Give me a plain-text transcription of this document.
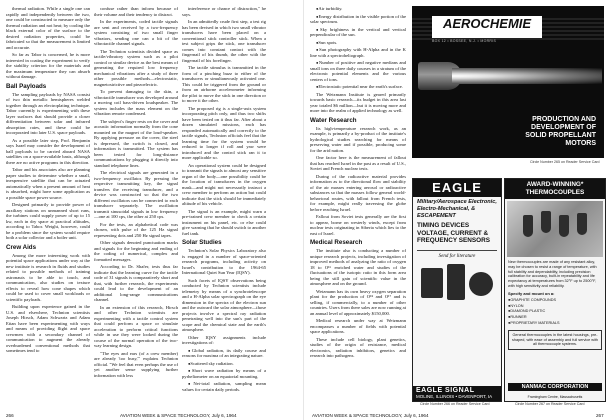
thermal radiation. While a single one can rapidly and independently between the two, one could be constructed to measure only the thermal radiation and not heat; by cooling the black external color of the surface to the desired radiation properties, could be fabricated so that the measurement is limited and accurate.

So far as Tabor is concerned, he is more interested in coating the experiment to verify the stability criterion for the materials and the maximum temperature they can absorb without damage.

Ball Payloads

The sampling payloads by NASA consist of two thin metallic hemispheres welded together through an electroplating technique. Tabor currently is experimenting with these layer surfaces that should provide a closer differentiation between solar and infrared absorption rates, and these could be incorporated into later U.S. space payloads.

As a possible later step, Prof. Benjamin says Israel may consider the development of ball payloads to be carried aboard NASA satellites on a space-available basis, although there are no active programs in this direction.

Tabor and his associates also are planning paper studies to determine whether a small, inexpensive satellite that can be actuated automatically when a present amount of heat is absorbed, might have some application as a possible space power source.

Designed primarily to provide power of auxiliary stations on unmanned short runs, the turbines could supply power of up to 15 kw, each in dry space at practical altitudes, according to Tabor. Weight, however, could be a problem since the system would require both a solar collector and a boiler unit.

Crew Aids

Among the more interesting work with potential space applications under way at the new institute is research in fluids and studies related to possible methods of training astronauts to be able to touch, and communication, also studies on texture effects to reveal how cone shapes which could be used to cover small workloads or scientific payloads.

Building upon experience gained in the U.S. and elsewhere, Technion scientists Joseph Hirsch, Adam Schwartz and Adam Ettan have been experimenting with ways and means of providing flight and space crewmen with a secondary channel of communication to augment the already overburdened conventional methods that sometimes tend to

confuse rather than inform because of their volume and their tendency to distract.

In the experiments, coded tactile signals are sent and received by a two-frequency system consisting of two small finger vibrators, sending one can a bit of the vibrotactile channel signals.

The Technion scientists divided space as tactile/vibratory system such as a pilot control or similar device as the best means of generating the required low frequency mechanical vibrations after a study of three other possible methods—electrostatic, magnetostrictive and piezoelectric.

To prevent damaging to the skin, a vibrotactile transducer was developed around a moving coil bass-driven loudspeaker. The system includes the mass element on the vibration remote condensed.

The subject's finger rests on the cover and acoustic information normally from the cone mounted on the magnet of the loud-speaker. By applying pressure on the cover, the steel is depressed, the switch is closed, and information is transmitted. The system has been tested for long-distance communications by plugging it directly into standard telephone lines.

The electrical signals are generated in a two-frequency oscillator. By pressing the respective transmitting key, the signal transfers the receiving transducer, and a device was constructed so that the two different oscillators can be connected to each transducer separately. The oscillation transmit sinusoidal signals in low frequency—one at 100 cps, the other at 250 cps.

For the tests, an alphabetical code was chosen, with pulse of the 125 Hz signal representing dots and 250 Hz signal tapes.

Other signals denoted punctuation marks and signals for the beginning and ending of the coding of numerical, complex and formatted messages.

According to Dr. Shafer, tests thus far indicate that the learning curve for the tactile code of 31 signals is comparatively short and that, with further research, the experiments could lead to the development of an additional long-range communications channel.

In an extension of this research, Hirsch and other Technion scientists are experimenting with a tactile control system that could perform a space or simulate acceleration to perform critical functions while in use they were looked during the course of the normal operation of the two-way learning design.

"The eyes and ears (of a crew member) are already 'too busy,'" explains Technion official. "We feel that even perhaps the use of yet another sense supplying further information with less

interference or chance of distraction," he says.

In an admittedly crude first step, a test rig has been devised in which two small vibrator transducers have been placed on a conventional stick controller stick. When a test subject grips the stick, one transducer comes into constant contact with the fingernail of his thumb, the other with the fingernail of his forefinger.

The tactile stimulus is transmitted in the form of a pinching buzz to either of the transducers or simultaneously activated one. This could be triggered from the ground or from an airborne accelerometer informing the pilot to move the stick in one direction or to move it the other.

The proposed rig is a single-axis system incorporating pitch only, and thus two shifts have been tested on it thus far. After about a dozen simulated missions, each has responded automatically and correctly to the tactile signals, Technion officials feel that the learning time for the system would be reduced to longer if roll and yaw were introduced and the control stick ran it to more applicable so.

An operational system could be designed to transmit the signals to almost any sensitive organ of the body—one possibility could be the location of transducers in the oxygen mask—and might not necessarily instruct a crew member to perform an action but could indicate that the stick should be immediately altitude of his vehicle.

The signal is an example, might warn a pre-trained crew member to check a certain instrument on his panel, etc. or else could give warning that he should switch to another fuel tank.

Solar Studies

Technion's Solar Physics Laboratory also is engaged in a number of space-oriented research programs, including activity on Israel's contribution to the 1964-65 International Quiet Sun Year (IQSY).

Such facets of IQSY observations being conducted by Technion scientists include telemetry by means of a synchrotelescope and a H-Alpha solar spectrograph on the eye dimension in the spectra of the electron sun and the outward the solar atmosphere—those projects involve a spectral ray radiation penetrating well into the sun's part of the scope and the chemical state and the earth's atmosphere.

Other IQSY assignments include investigations of:

● Global radiation, its daily course and reasons for maxima of an integrating nature.

● Scattered sky radiation.

● Short wave radiation by means of a pyrheliometer on an equatorial mounting.

● Net-total radiation, sampling mean values for certain daily periods.

● Air turbidity.

● Energy distribution in the visible portion of the solar spectrum.

● Sky brightness in the vertical and vertical perpendicular of the sun.

● Sun spots.

● Sun photography with H-Alpha and in the K line with a spectroheliograph.

● Number of positive and negative medians and small ions on three daily courses in a stratum of the electronic potential elements and the various centers of ions.

● Electrostatic potential near the earth's surface.

The Weizmann Institute is geared primarily towards basic research—its budget in this area last year totaled $6 million—but it is moving more and more into the realm of applied technology as well.

Water Research

Its high-temperature research work, as an example, is primarily a by-product of the institute's hydrological studies searching for means of preserving water and if possible, producing some for the arid nation.

One factor here is the measurement of fallout that has reached Israel in the past as a result of U.S., Soviet and French nuclear tests.

During of the radioactive material provides information as to the directional flow and stability of the air masses entering aerosol or radioactive substances so that the masses follow general world-behavioral routes, with fallout from French tests, for example, might really traversing the globe before reaching Israel.

Fallout from Soviet tests generally are the first to appear, borne on westerly winds, except from nuclear tests originating in Siberia which lies to the east of Israel.

Medical Research

The institute also is conducting a number of unique research projects, including investigation of improved methods of analyzing the ratio of oxygen 18 to O¹⁶ enriched water and studies of the fluctuations of the isotopic ratio in this form area being the still gain of scientific value in the atmosphere and on the ground.

Weizmann has its own heavy oxygen separation plant for the production of O¹⁸ and O¹⁷ and is selling, if commercially, to a number of other countries. Users from there sales are now running at an annual level of approximately $150,000.

Medical research under way at Weizmann encompasses a number of fields with potential space applications.

These include cell biology, plant genetics, studies of the origin of resistance, medical electronics, radiation inhibitors, genetics and research into pathogens.

AEROCHEMIE
BOX 12 • BOSSEE, N.J. • MORRIS
PRODUCTION AND
DEVELOPMENT OF
SOLID PROPELLANT
MOTORS
Circle Number 265 on Reader Service Card
EAGLE
Military/Aerospace Electronic, Electro-Mechanical, & ESCAPEMENT
TIMING DEVICES VOLTAGE, CURRENT & FREQUENCY SENSORS
Send for literature
EAGLE SIGNAL
MOLINE, ILLINOIS • DAVENPORT, IA
Circle Number 266 on Reader Service Card
AWARD-WINNING* THERMOCOUPLES
New thermocouples are made of any resistant alloy, may be chosen to resist a range of temperature, with full stability and dependability, including precision calibration for accuracy, built-in repeatability and life expectancy at temperatures from 32°F up to 2500°F, with high sensitivity and reliability.
Specify and mount on a:
● GRAPHITE COMPOUNDS
● NYLON
● DIAMOND PLASTIC
● RUNNER
● PROPRIETARY MATERIALS
General thermocouples in the latest housings, pre-shaped, with ease of assembly and full service with all thermocouple systems.
NANMAC CORPORATION
Framingham Centre, Massachusetts
Circle Number 267 on Reader Service Card
266	AVIATION WEEK & SPACE TECHNOLOGY, July 6, 1964	AVIATION WEEK & SPACE TECHNOLOGY, July 6, 1964	267
